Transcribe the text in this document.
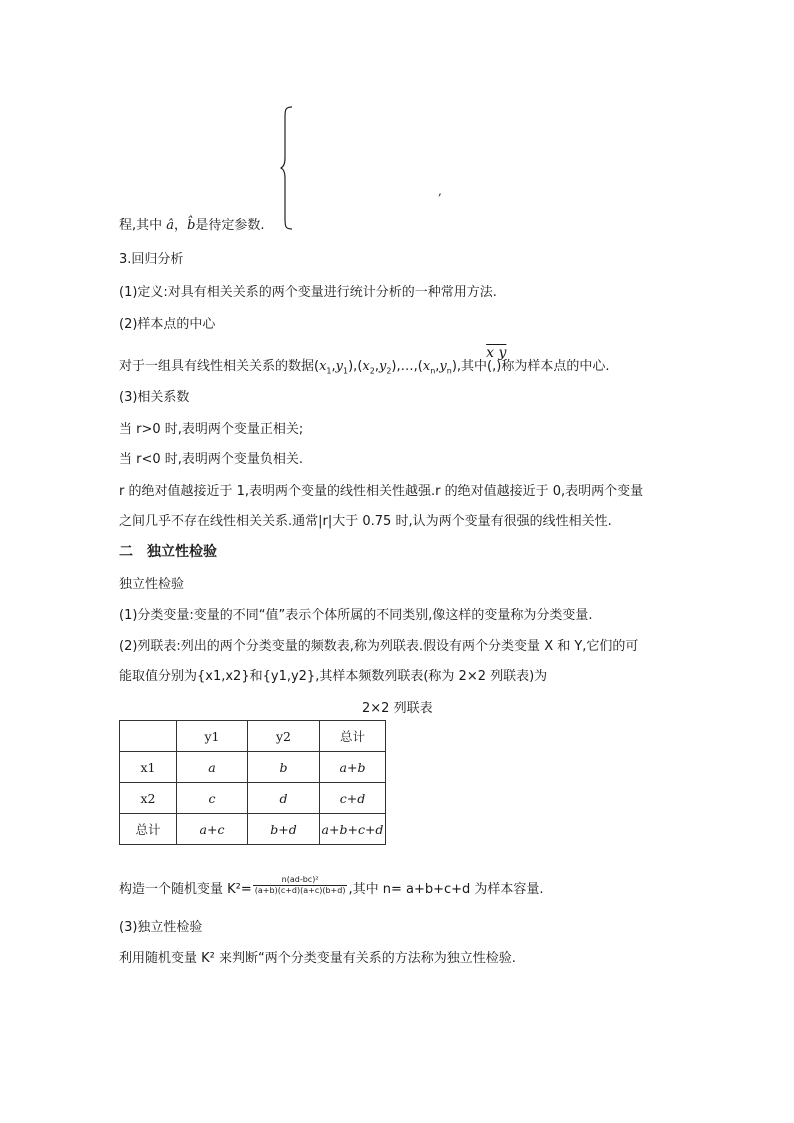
,
程,其中 â，b̂是待定参数.
3.回归分析
(1)定义:对具有相关关系的两个变量进行统计分析的一种常用方法.
(2)样本点的中心
对于一组具有线性相关关系的数据$(x_1,y_1),(x_2,y_2),\dots,(x_n,y_n)$,其中(
x y
,)称为样本点的中心.
(3)相关系数
当 r>0 时,表明两个变量正相关;
当 r<0 时,表明两个变量负相关.
r 的绝对值越接近于 1,表明两个变量的线性相关性越强.r 的绝对值越接近于 0,表明两个变量
之间几乎不存在线性相关关系.通常|r|大于 0.75 时,认为两个变量有很强的线性相关性.
二　独立性检验
独立性检验
(1)分类变量:变量的不同“值”表示个体所属的不同类别,像这样的变量称为分类变量.
(2)列联表:列出的两个分类变量的频数表,称为列联表.假设有两个分类变量 X 和 Y,它们的可
能取值分别为{x1,x2}和{y1,y2},其样本频数列联表(称为 2×2 列联表)为
2×2 列联表
	y1	y2	总计
x1	a	b	a+b
x2	c	d	c+d
总计	a+c	b+d	a+b+c+d
构造一个随机变量 $K^2= \frac{\text{n(ad-bc)²}}{(a+b)(c+d)(a+c)(b+d)}$ ,其中 n= a+b+c+d 为样本容量.
(3)独立性检验
利用随机变量 K² 来判断“两个分类变量有关系的方法称为独立性检验.
